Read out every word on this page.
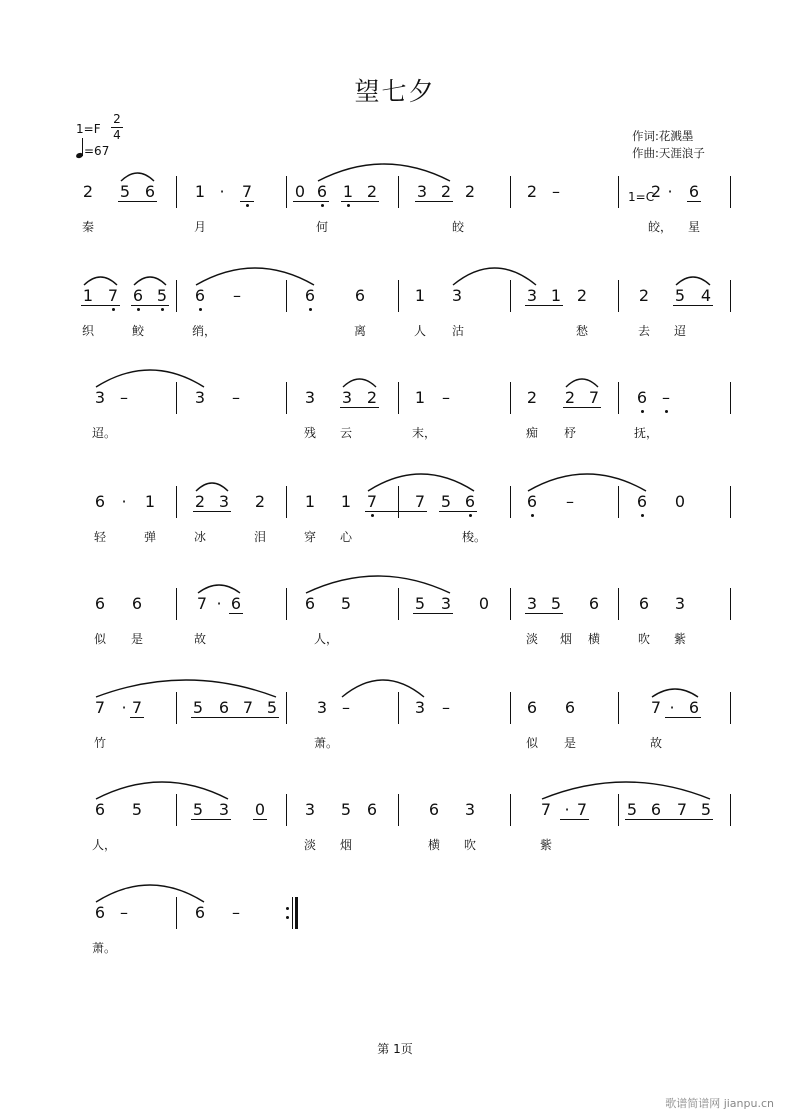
望七夕
1=F
2
4
=67
作词:花溅墨
作曲:天涯浪子
2 5 6 1 · 7	0 6 1 2 3 2 2	2 –	2 · 6
秦	月	何	皎	皎， 星
1 7 6 5 6 –	6 6	1 3	3 1 2	2 5 4
织	鲛	绡，	离	人 沽	愁	去 迢
3 –	3 –	3 3 2 1 –	2 2 7 6 –
迢。	残 云	末，	痴 杼	抚，
6 · 1 2 3 2 1 1 7 7 5 6	6 –	6 0
轻	弹	冰	泪	穿 心	梭。
6 6	7 · 6	6 5	5 3 0 3 5 6 6 3
似 是	故	人，	淡 烟 横	吹 紫
7 · 7	5 6 7 5 3 –	3 –	6 6	7 · 6
竹	萧。	似 是	故
6 5	5 3 0 3 5 6	6 3	7 · 7 5 6 7 5
人，	淡 烟	横 吹	紫
6 –	6 –
萧。
1=C
第 1页
歌谱简谱网 jianpu.cn
